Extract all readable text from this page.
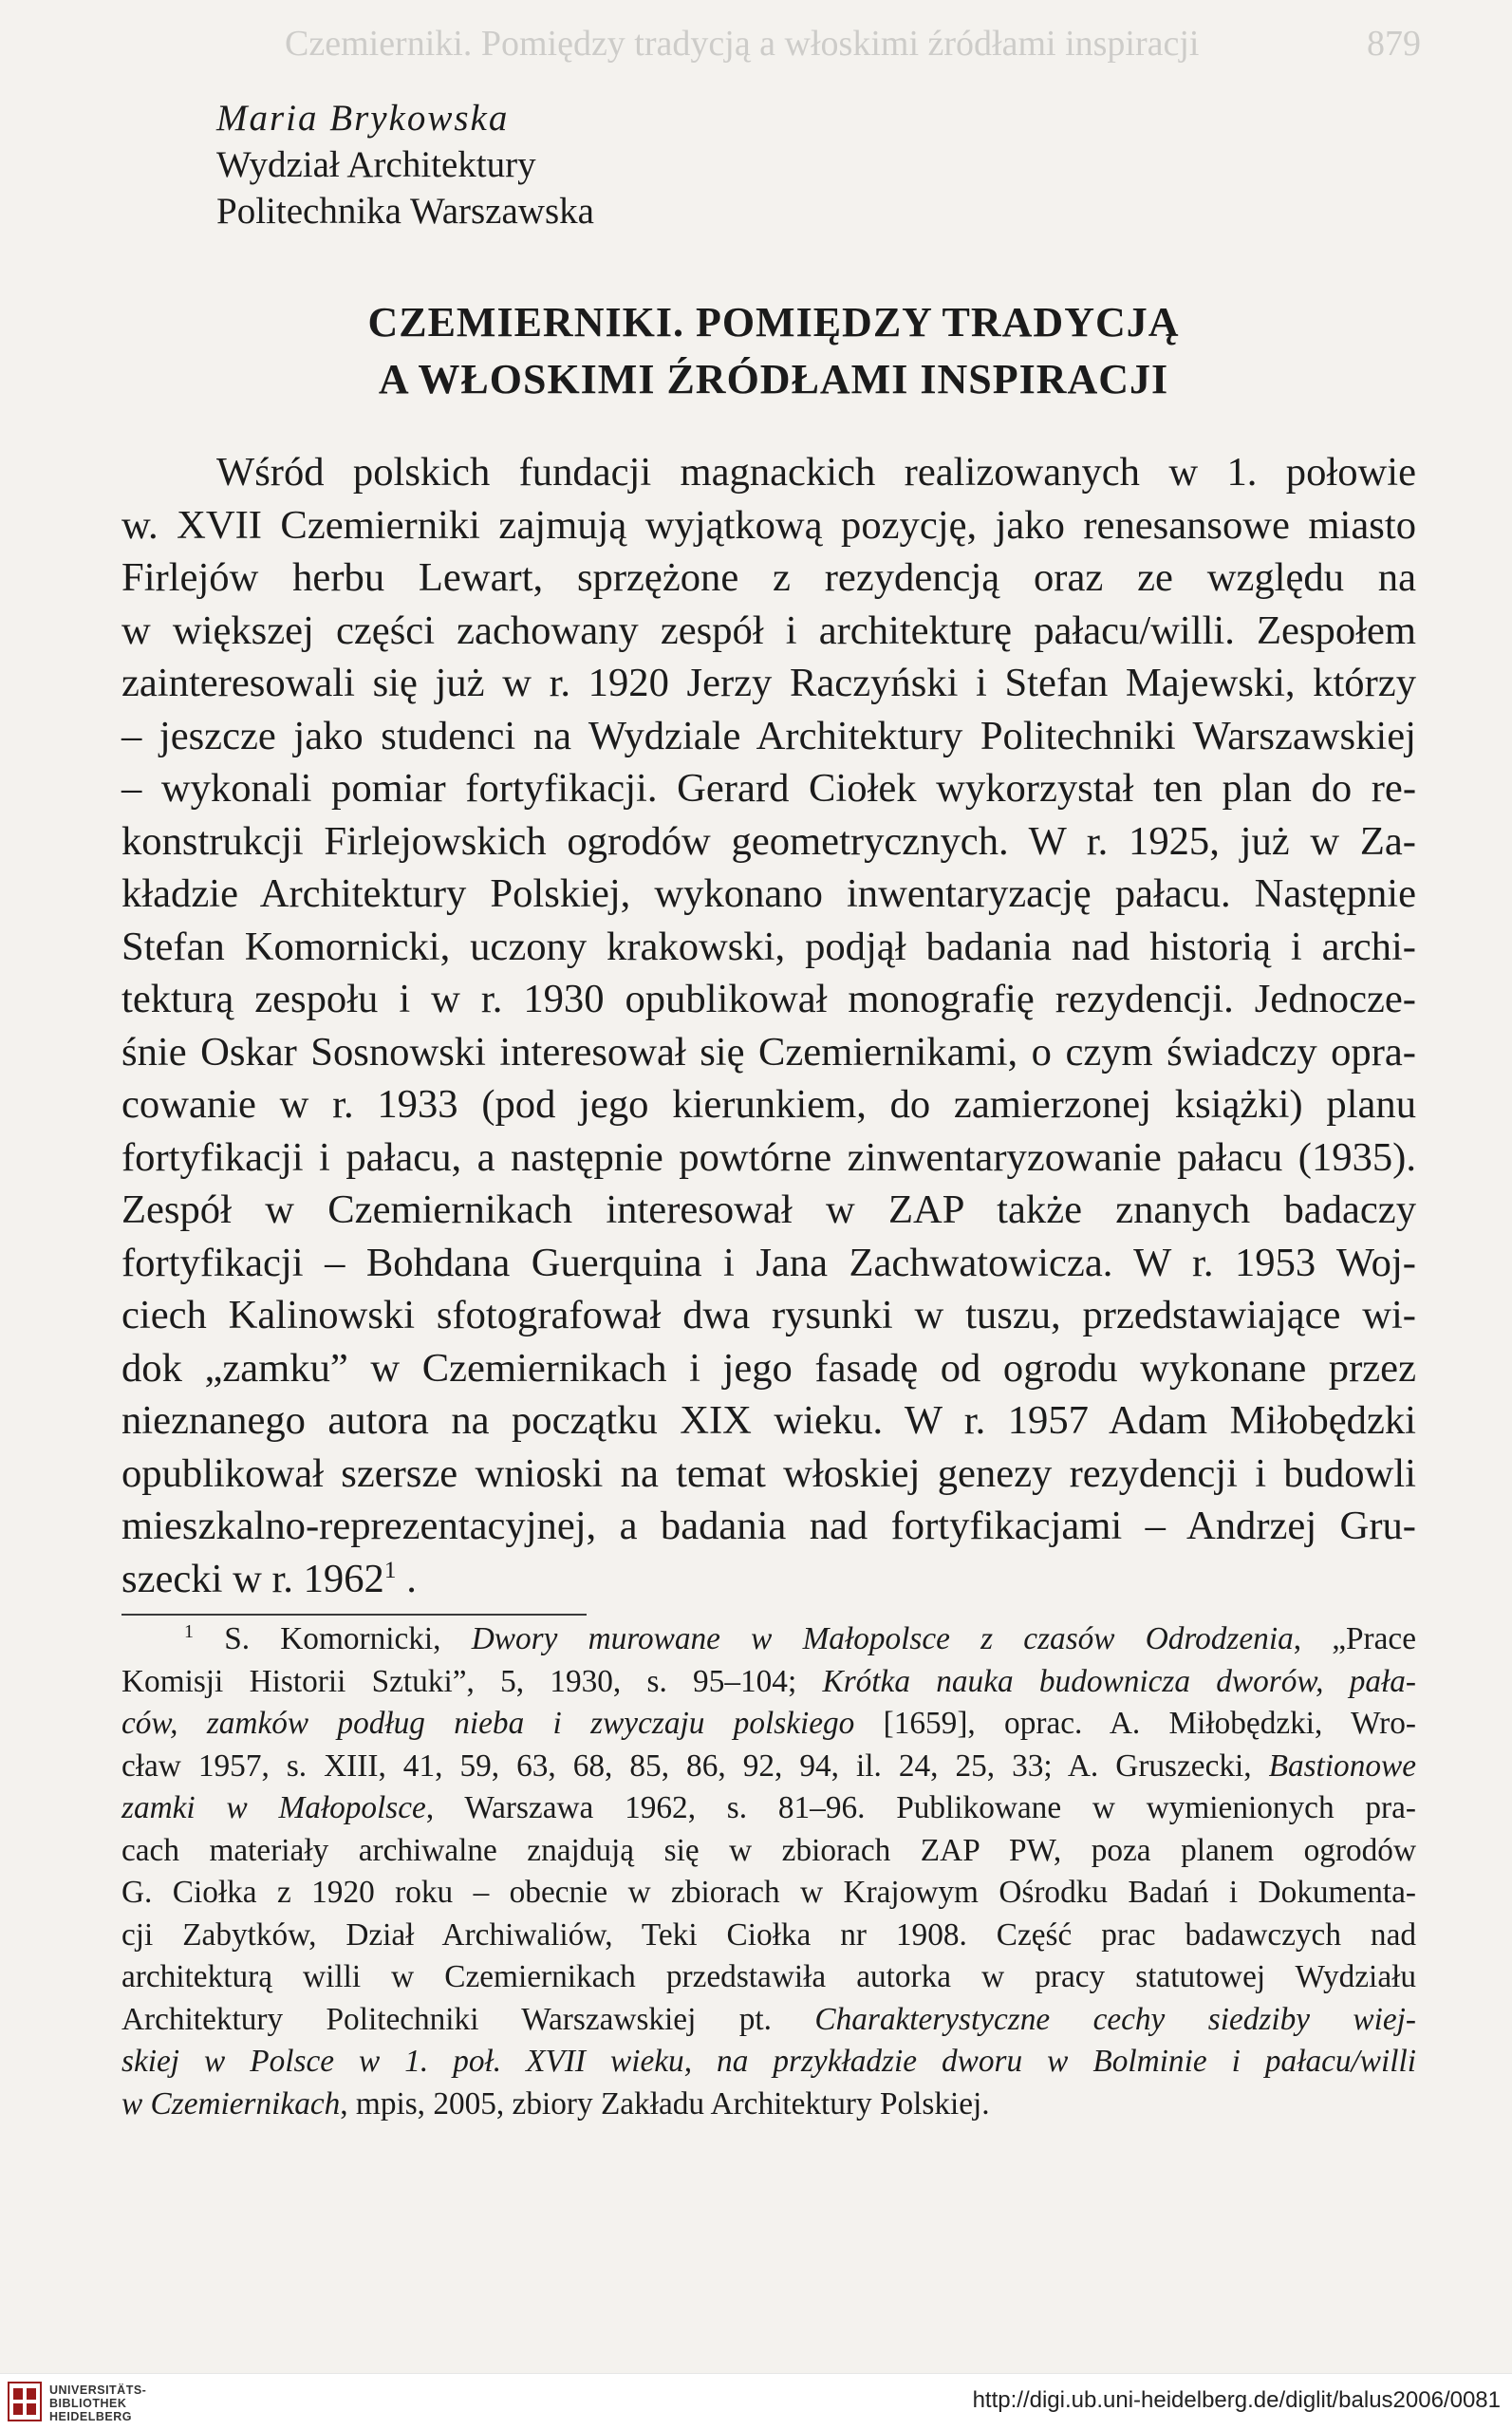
Czemierniki. Pomiędzy tradycją a włoskimi źródłami inspiracji	879
Maria Brykowska
Wydział Architektury
Politechnika Warszawska
CZEMIERNIKI. POMIĘDZY TRADYCJĄ
A WŁOSKIMI ŹRÓDŁAMI INSPIRACJI
Wśród polskich fundacji magnackich realizowanych w 1. połowie
w. XVII Czemierniki zajmują wyjątkową pozycję, jako renesansowe miasto
Firlejów herbu Lewart, sprzężone z rezydencją oraz ze względu na
w większej części zachowany zespół i architekturę pałacu/willi. Zespołem
zainteresowali się już w r. 1920 Jerzy Raczyński i Stefan Majewski, którzy
– jeszcze jako studenci na Wydziale Architektury Politechniki Warszawskiej
– wykonali pomiar fortyfikacji. Gerard Ciołek wykorzystał ten plan do re-
konstrukcji Firlejowskich ogrodów geometrycznych. W r. 1925, już w Za-
kładzie Architektury Polskiej, wykonano inwentaryzację pałacu. Następnie
Stefan Komornicki, uczony krakowski, podjął badania nad historią i archi-
tekturą zespołu i w r. 1930 opublikował monografię rezydencji. Jednocze-
śnie Oskar Sosnowski interesował się Czemiernikami, o czym świadczy opra-
cowanie w r. 1933 (pod jego kierunkiem, do zamierzonej książki) planu
fortyfikacji i pałacu, a następnie powtórne zinwentaryzowanie pałacu (1935).
Zespół w Czemiernikach interesował w ZAP także znanych badaczy
fortyfikacji – Bohdana Guerquina i Jana Zachwatowicza. W r. 1953 Woj-
ciech Kalinowski sfotografował dwa rysunki w tuszu, przedstawiające wi-
dok „zamku” w Czemiernikach i jego fasadę od ogrodu wykonane przez
nieznanego autora na początku XIX wieku. W r. 1957 Adam Miłobędzki
opublikował szersze wnioski na temat włoskiej genezy rezydencji i budowli
mieszkalno-reprezentacyjnej, a badania nad fortyfikacjami – Andrzej Gru-
szecki w r. 1962$^1$ .
$^1$ S. Komornicki, Dwory murowane w Małopolsce z czasów Odrodzenia, „Prace
Komisji Historii Sztuki”, 5, 1930, s. 95–104; Krótka nauka budownicza dworów, pała-
ców, zamków podług nieba i zwyczaju polskiego [1659], oprac. A. Miłobędzki, Wro-
cław 1957, s. XIII, 41, 59, 63, 68, 85, 86, 92, 94, il. 24, 25, 33; A. Gruszecki, Bastionowe
zamki w Małopolsce, Warszawa 1962, s. 81–96. Publikowane w wymienionych pra-
cach materiały archiwalne znajdują się w zbiorach ZAP PW, poza planem ogrodów
G. Ciołka z 1920 roku – obecnie w zbiorach w Krajowym Ośrodku Badań i Dokumenta-
cji Zabytków, Dział Archiwaliów, Teki Ciołka nr 1908. Część prac badawczych nad
architekturą willi w Czemiernikach przedstawiła autorka w pracy statutowej Wydziału
Architektury Politechniki Warszawskiej pt. Charakterystyczne cechy siedziby wiej-
skiej w Polsce w 1. poł. XVII wieku, na przykładzie dworu w Bolminie i pałacu/willi
w Czemiernikach, mpis, 2005, zbiory Zakładu Architektury Polskiej.
UNIVERSITÄTS-
BIBLIOTHEK
HEIDELBERG
http://digi.ub.uni-heidelberg.de/diglit/balus2006/0081
